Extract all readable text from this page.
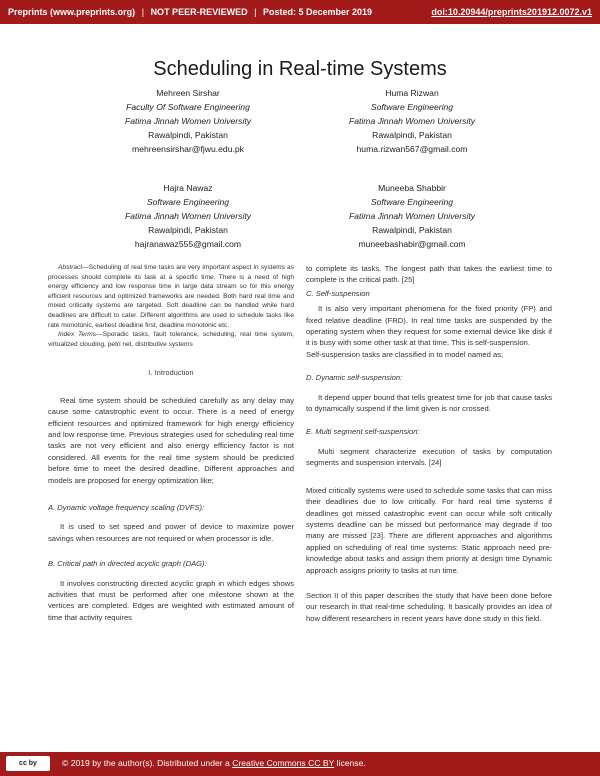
Preprints (www.preprints.org) | NOT PEER-REVIEWED | Posted: 5 December 2019	doi:10.20944/preprints201912.0072.v1
Scheduling in Real-time Systems
Mehreen Sirshar
Faculty Of Software Engineering
Fatima Jinnah Women University
Rawalpindi, Pakistan
mehreensirshar@fjwu.edu.pk
Huma Rizwan
Software Engineering
Fatima Jinnah Women University
Rawalpindi, Pakistan
huma.rizwan567@gmail.com
Hajra Nawaz
Software Engineering
Fatima Jinnah Women University
Rawalpindi, Pakistan
hajranawaz555@gmail.com
Muneeba Shabbir
Software Engineering
Fatima Jinnah Women University
Rawalpindi, Pakistan
muneebashabir@gmail.com

Abstract—Scheduling of real time tasks are very important aspect in systems as processes should complete its task at a specific time. There is a need of high energy efficiency and low response time in large data stream so for this energy efficient resources and optimized frameworks are needed. Both hard real time and mixed critically systems are targeted. Soft deadline can be handled while hard deadlines are difficult to cater. Different algorithms are used to schedule tasks like rate monotonic, earliest deadline first, deadline monotonic etc.

Index Terms—Sporadic tasks, fault tolerance, scheduling, real time system, virtualized clouding, petri net, distributive systems

I. Introduction

Real time system should be scheduled carefully as any delay may cause some catastrophic event to occur. There is a need of energy efficient resources and optimized framework for high energy efficiency and low response time. Previous strategies used for scheduling real time tasks are not very efficient and also energy efficiency factor is not considered. All events for the real time system should be predicted before time to meet the desired deadline. Different approaches and models are proposed for energy optimization like;

A. Dynamic voltage frequency scaling (DVFS):

It is used to set speed and power of device to maximize power savings when resources are not required or when processor is idle.

B. Critical path in directed acyclic graph (DAG):

It involves constructing directed acyclic graph in which edges shows activities that must be performed after one milestone shown at the vertices are completed. Edges are weighted with estimated amount of time that activity requires

to complete its tasks. The longest path that takes the earliest time to complete is the critical path. [25]

C. Self-suspension

It is also very important phenomena for the fixed priority (FP) and fixed relative deadline (FRD). In real time tasks are suspended by the operating system when they request for some external device like disk if it is busy with some other task at that time. This is self-suspension.

Self-suspension tasks are classified in to model named as;

D. Dynamic self-suspension:

It depend upper bound that tells greatest time for job that cause tasks to dynamically suspend if the limit given is nor crossed.

E. Multi segment self-suspension:

Multi segment characterize execution of tasks by computation segments and suspension intervals. [24]

Mixed critically systems were used to schedule some tasks that can miss their deadlines due to low critically. For hard real time systems if deadlines got missed catastrophic event can occur while soft critically systems deadline can be missed but performance may degrade if too many are missed [23]. There are different approaches and algorithms applied on scheduling of real time systems: Static approach need pre-knowledge about tasks and assign them priority at design time Dynamic approach assigns priority to tasks at run time.

Section II of this paper describes the study that have been done before our research in that real-time scheduling. It basically provides an idea of how different researchers in recent years have done study in this field.

cc by	© 2019 by the author(s). Distributed under a Creative Commons CC BY license.
